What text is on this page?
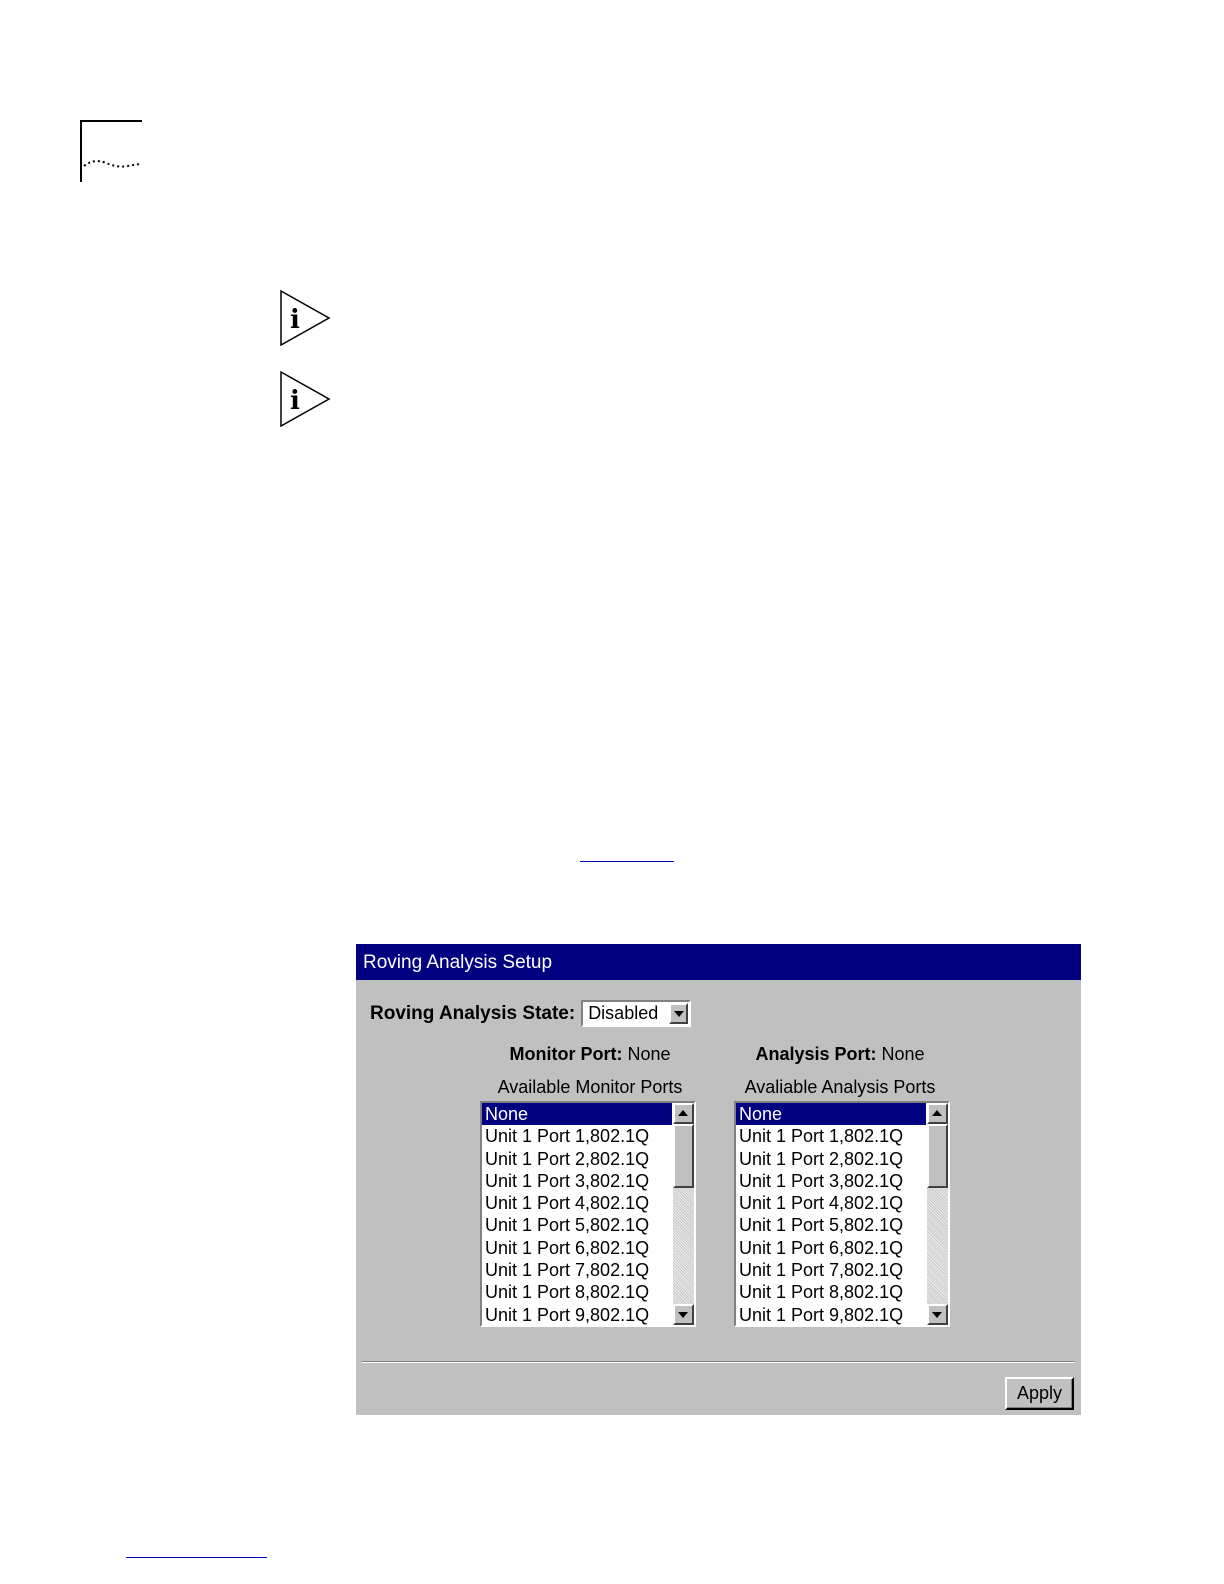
i
i
Roving Analysis Setup
Roving Analysis State: Disabled
Monitor Port: None
Available Monitor Ports
Analysis Port: None
Avaliable Analysis Ports
None
Unit 1 Port 1,802.1Q
Unit 1 Port 2,802.1Q
Unit 1 Port 3,802.1Q
Unit 1 Port 4,802.1Q
Unit 1 Port 5,802.1Q
Unit 1 Port 6,802.1Q
Unit 1 Port 7,802.1Q
Unit 1 Port 8,802.1Q
Unit 1 Port 9,802.1Q
None
Unit 1 Port 1,802.1Q
Unit 1 Port 2,802.1Q
Unit 1 Port 3,802.1Q
Unit 1 Port 4,802.1Q
Unit 1 Port 5,802.1Q
Unit 1 Port 6,802.1Q
Unit 1 Port 7,802.1Q
Unit 1 Port 8,802.1Q
Unit 1 Port 9,802.1Q
Apply
